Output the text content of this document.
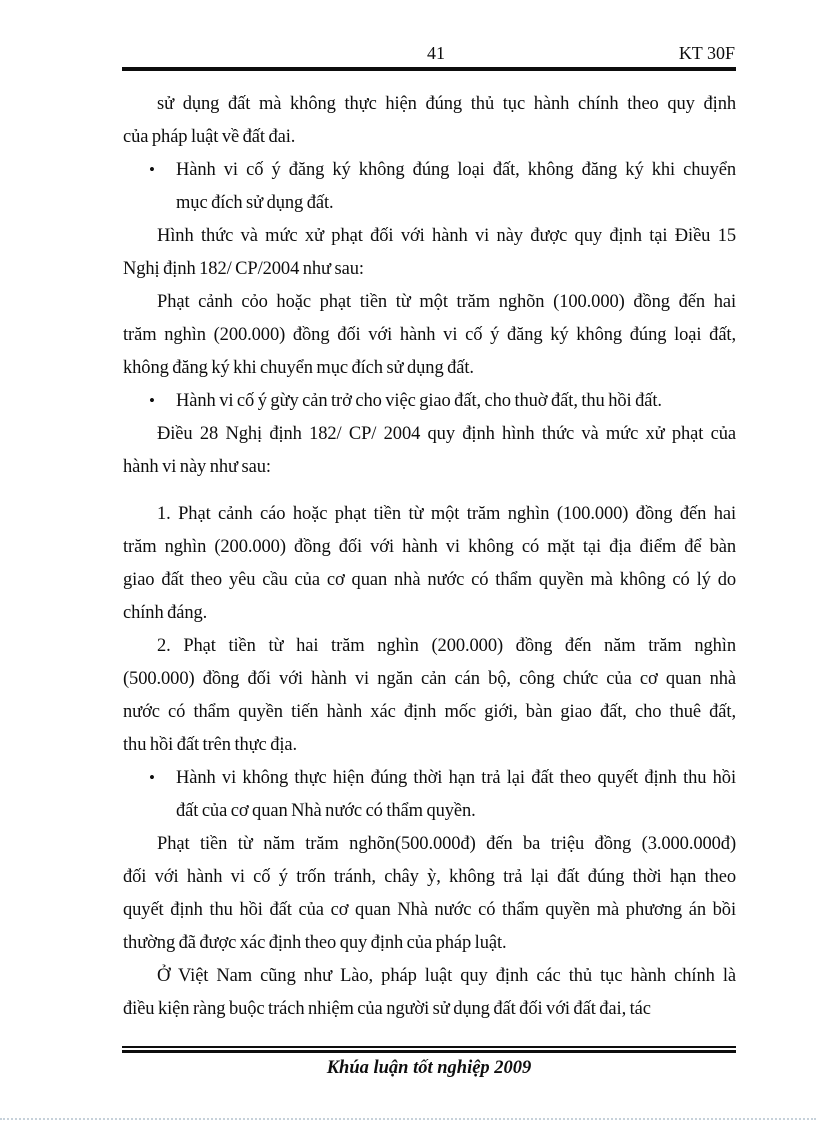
41	KT 30F
sử dụng đất mà không thực hiện đúng thủ tục hành chính theo quy định
của pháp luật về đất đai.
• Hành vi cố ý đăng ký không đúng loại đất, không đăng ký khi chuyển
mục đích sử dụng đất.
Hình thức và mức xử phạt đối với hành vi này được quy định tại Điều 15
Nghị định 182/ CP/2004 như sau:
Phạt cảnh cỏo hoặc phạt tiền từ một trăm nghõn (100.000) đồng đến hai
trăm nghìn (200.000) đồng đối với hành vi cố ý đăng ký không đúng loại đất,
không đăng ký khi chuyển mục đích sử dụng đất.
• Hành vi cố ý gừy cản trở cho việc giao đất, cho thuờ đất, thu hồi đất.
Điều 28 Nghị định 182/ CP/ 2004 quy định hình thức và mức xử phạt của
hành vi này như sau:
1. Phạt cảnh cáo hoặc phạt tiền từ một trăm nghìn (100.000) đồng đến hai
trăm nghìn (200.000) đồng đối với hành vi không có mặt tại địa điểm để bàn
giao đất theo yêu cầu của cơ quan nhà nước có thẩm quyền mà không có lý do
chính đáng.
2. Phạt tiền từ hai trăm nghìn (200.000) đồng đến năm trăm nghìn
(500.000) đồng đối với hành vi ngăn cản cán bộ, công chức của cơ quan nhà
nước có thẩm quyền tiến hành xác định mốc giới, bàn giao đất, cho thuê đất,
thu hồi đất trên thực địa.
• Hành vi không thực hiện đúng thời hạn trả lại đất theo quyết định thu hồi
đất của cơ quan Nhà nước có thẩm quyền.
Phạt tiền từ năm trăm nghõn(500.000đ) đến ba triệu đồng (3.000.000đ)
đối với hành vi cố ý trốn tránh, chây ỳ, không trả lại đất đúng thời hạn theo
quyết định thu hồi đất của cơ quan Nhà nước có thẩm quyền mà phương án bồi
thường đã được xác định theo quy định của pháp luật.
Ở Việt Nam cũng như Lào, pháp luật quy định các thủ tục hành chính là
điều kiện ràng buộc trách nhiệm của người sử dụng đất đối với đất đai, tác
Khúa luận tốt nghiệp 2009
